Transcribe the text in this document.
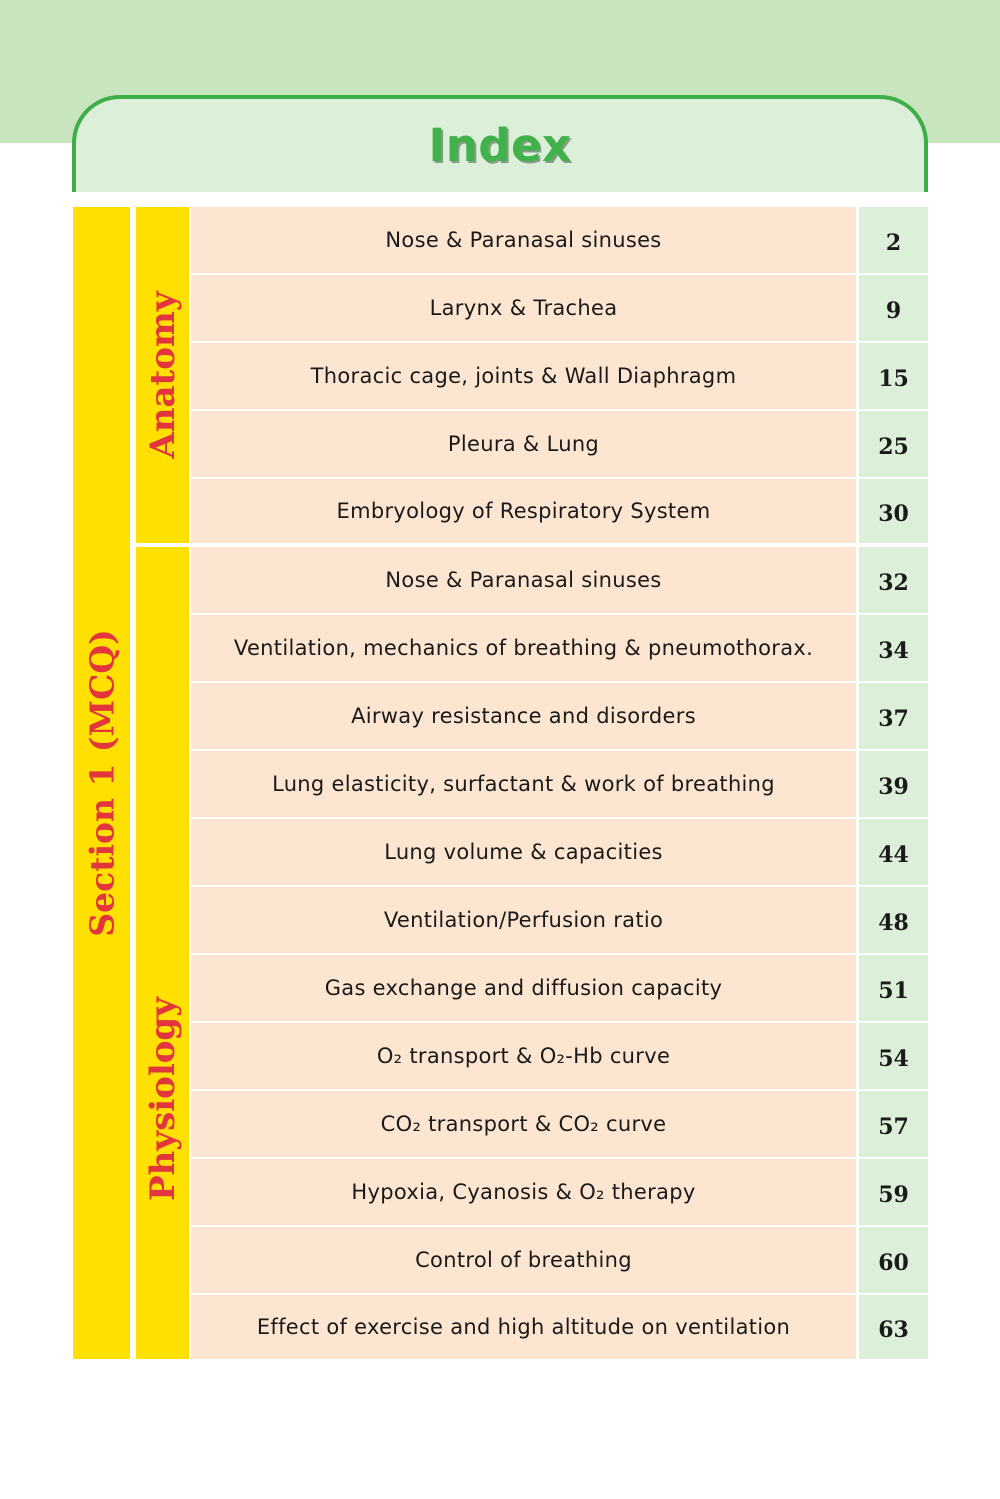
Index
Section 1 (MCQ)
Anatomy
Physiology
Nose & Paranasal sinuses	2
Larynx & Trachea	9
Thoracic cage, joints & Wall Diaphragm	15
Pleura & Lung	25
Embryology of Respiratory System	30
Nose & Paranasal sinuses	32
Ventilation, mechanics of breathing & pneumothorax.	34
Airway resistance and disorders	37
Lung elasticity, surfactant & work of breathing	39
Lung volume & capacities	44
Ventilation/Perfusion ratio	48
Gas exchange and diffusion capacity	51
O₂ transport & O₂-Hb curve	54
CO₂ transport & CO₂ curve	57
Hypoxia, Cyanosis & O₂ therapy	59
Control of breathing	60
Effect of exercise and high altitude on ventilation	63
